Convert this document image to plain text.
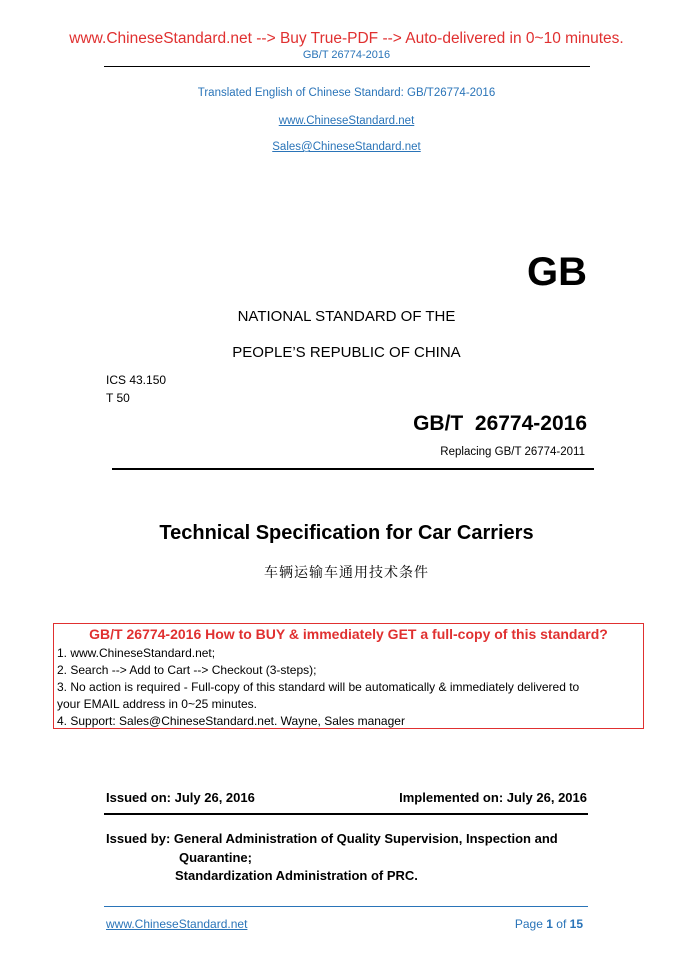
www.ChineseStandard.net --> Buy True-PDF --> Auto-delivered in 0~10 minutes.
GB/T 26774-2016
Translated English of Chinese Standard: GB/T26774-2016
www.ChineseStandard.net
Sales@ChineseStandard.net
GB
NATIONAL STANDARD OF THE
PEOPLE’S REPUBLIC OF CHINA
ICS 43.150
T 50
GB/T  26774-2016
Replacing GB/T 26774-2011
Technical Specification for Car Carriers
车辆运输车通用技术条件
GB/T 26774-2016 How to BUY & immediately GET a full-copy of this standard?
1. www.ChineseStandard.net;
2. Search --> Add to Cart --> Checkout (3-steps);
3. No action is required - Full-copy of this standard will be automatically & immediately delivered to
your EMAIL address in 0~25 minutes.
4. Support: Sales@ChineseStandard.net. Wayne, Sales manager
Issued on: July 26, 2016	Implemented on: July 26, 2016
Issued by: General Administration of Quality Supervision, Inspection and
Quarantine;
Standardization Administration of PRC.
www.ChineseStandard.net	Page 1 of 15
